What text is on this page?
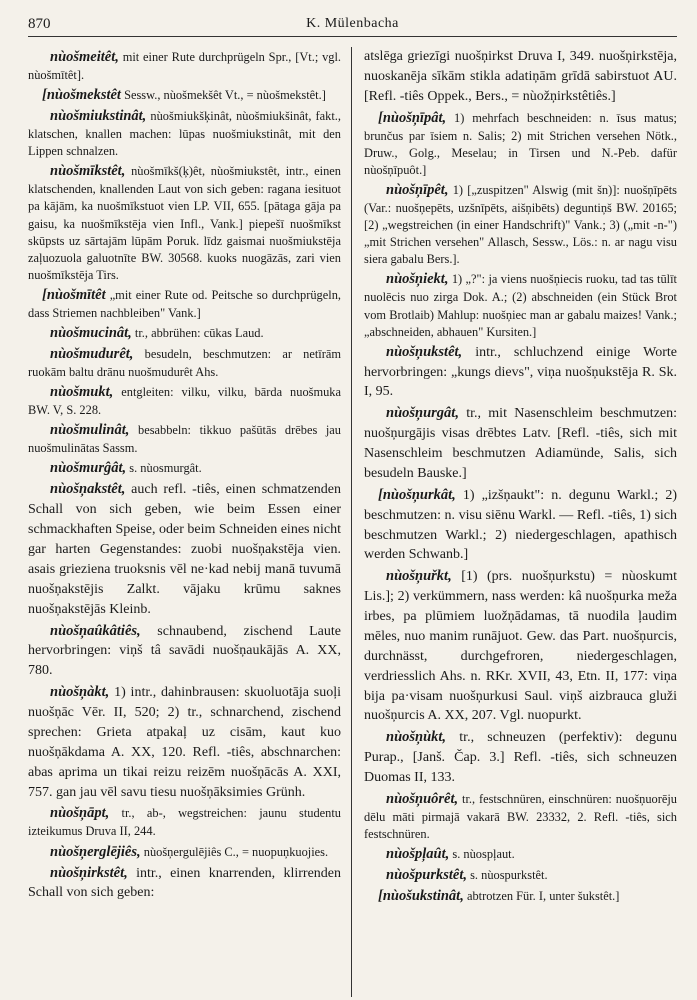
870	K. Mülenbacha

nùošmeitêt, mit einer Rute durchprügeln Spr., [Vt.; vgl. nùošmītêt].

[nùošmekstêt Sessw., nùošmekšêt Vt., = nùošmekstêt.]

nùošmiukstinât, nùošmiukšķinât, nùošmiukšinât, fakt., klatschen, knallen machen: lūpas nuošmiukstinât, mit den Lippen schnalzen.

nùošmīkstêt, nùošmīkš(ķ)êt, nùošmiukstêt, intr., einen klatschenden, knallenden Laut von sich geben: ragana iesituot pa kājām, ka nuošmīkstuot vien LP. VII, 655. [pātaga gāja pa gaisu, ka nuošmīkstēja vien Infl., Vank.] piepešī nuošmīkst skūpsts uz sārtajām lūpām Poruk. līdz gaismai nuošmiukstēja zaļuozuola galuotnīte BW. 30568. kuoks nuogāzās, zari vien nuošmīkstēja Tirs.

[nùošmītêt „mit einer Rute od. Peitsche so durchprügeln, dass Striemen nachbleiben" Vank.]

nùošmucinât, tr., abbrühen: cūkas Laud.

nùošmudurêt, besudeln, beschmutzen: ar netīrām ruokām baltu drānu nuošmudurêt Ahs.

nùošmukt, entgleiten: vilku, vilku, bārda nuošmuka BW. V, S. 228.

nùošmulinât, besabbeln: tikkuo pašūtās drēbes jau nuošmulinātas Sassm.

nùošmurĝât, s. nùosmurgât.

nùošņakstêt, auch refl. -tiês, einen schmatzenden Schall von sich geben, wie beim Essen einer schmackhaften Speise, oder beim Schneiden eines nicht gar harten Gegenstandes: zuobi nuošņakstēja vien. asais grieziena truoksnis vēl ne·kad nebij manā tuvumā nuošņakstējis Zalkt. vājaku krūmu saknes nuošņakstējās Kleinb.

nùošņaûkâtiês, schnaubend, zischend Laute hervorbringen: viņš tâ savādi nuošņaukājās A. XX, 780.

nùošņàkt, 1) intr., dahinbrausen: skuoluotāja suoļi nuošņāc Vēr. II, 520; 2) tr., schnarchend, zischend sprechen: Grieta atpakaļ uz cisām, kaut kuo nuošņākdama A. XX, 120. Refl. -tiês, abschnarchen: abas aprima un tikai reizu reizēm nuošņācās A. XXI, 757. gan jau vēl savu tiesu nuošņāksimies Grünh.

nùošņāpt, tr., ab-, wegstreichen: jaunu studentu izteikumus Druva II, 244.

nùošņerglējiês, nùošņergulējiês C., = nuopuņkuojies.

nùošņirkstêt, intr., einen knarrenden, klirrenden Schall von sich geben:

atslēga griezīgi nuošņirkst Druva I, 349. nuošņirkstēja, nuoskanēja sīkām stikla adatiņām grīdā sabirstuot AU. [Refl. -tiês Oppek., Bers., = nùožņirkstêtiês.]

[nùošņīpât, 1) mehrfach beschneiden: n. īsus matus; brunčus par īsiem n. Salis; 2) mit Strichen versehen Nötk., Druw., Golg., Meselau; in Tirsen und N.-Peb. dafür nùošņīpuôt.]

nùošņīpêt, 1) [„zuspitzen" Alswig (mit šn)]: nuošņīpēts (Var.: nuošņepēts, uzšnīpēts, aišņibēts) deguntiņš BW. 20165; [2) „wegstreichen (in einer Handschrift)" Vank.; 3) („mit -n-") „mit Strichen versehen" Allasch, Sessw., Lös.: n. ar nagu visu siera gabalu Bers.].

nùošņiekt, 1) „?": ja viens nuošņiecis ruoku, tad tas tūlīt nuolēcis nuo zirga Dok. A.; (2) abschneiden (ein Stück Brot vom Brotlaib) Mahlup: nuošņiec man ar gabalu maizes! Vank.; „abschneiden, abhauen" Kursiten.]

nùošņukstêt, intr., schluchzend einige Worte hervorbringen: „kungs dievs", viņa nuošņukstēja R. Sk. I, 95.

nùošņurgât, tr., mit Nasenschleim beschmutzen: nuošņurgājis visas drēbtes Latv. [Refl. -tiês, sich mit Nasenschleim beschmutzen Adiamünde, Salis, sich besudeln Bauske.]

[nùošņurkât, 1) „izšņaukt": n. degunu Warkl.; 2) beschmutzen: n. visu siēnu Warkl. — Refl. -tiês, 1) sich beschmutzen Warkl.; 2) niedergeschlagen, apathisch werden Schwanb.]

nùošņuřkt, [1) (prs. nuošņurkstu) = nùoskumt Lis.]; 2) verkümmern, nass werden: kâ nuošņurka meža irbes, pa plūmiem luožņādamas, tā nuodila ļaudim mēles, nuo manim runājuot. Gew. das Part. nuošņurcis, durchnässt, durchgefroren, niedergeschlagen, verdriesslich Ahs. n. RKr. XVII, 43, Etn. II, 177: viņa bija pa·visam nuošņurkusi Saul. viņš aizbrauca gluži nuošņurcis A. XX, 207. Vgl. nuopurkt.

nùošņùkt, tr., schneuzen (perfektiv): degunu Purap., [Janš. Čap. 3.] Refl. -tiês, sich schneuzen Duomas II, 133.

nùošņuôrêt, tr., festschnüren, einschnüren: nuošņuorēju dēlu māti pirmajā vakarā BW. 23332, 2. Refl. -tiês, sich festschnüren.

nùošpļaût, s. nùospļaut.

nùošpurkstêt, s. nùospurkstêt.

[nùošukstinât, abtrotzen Für. I, unter šukstêt.]
